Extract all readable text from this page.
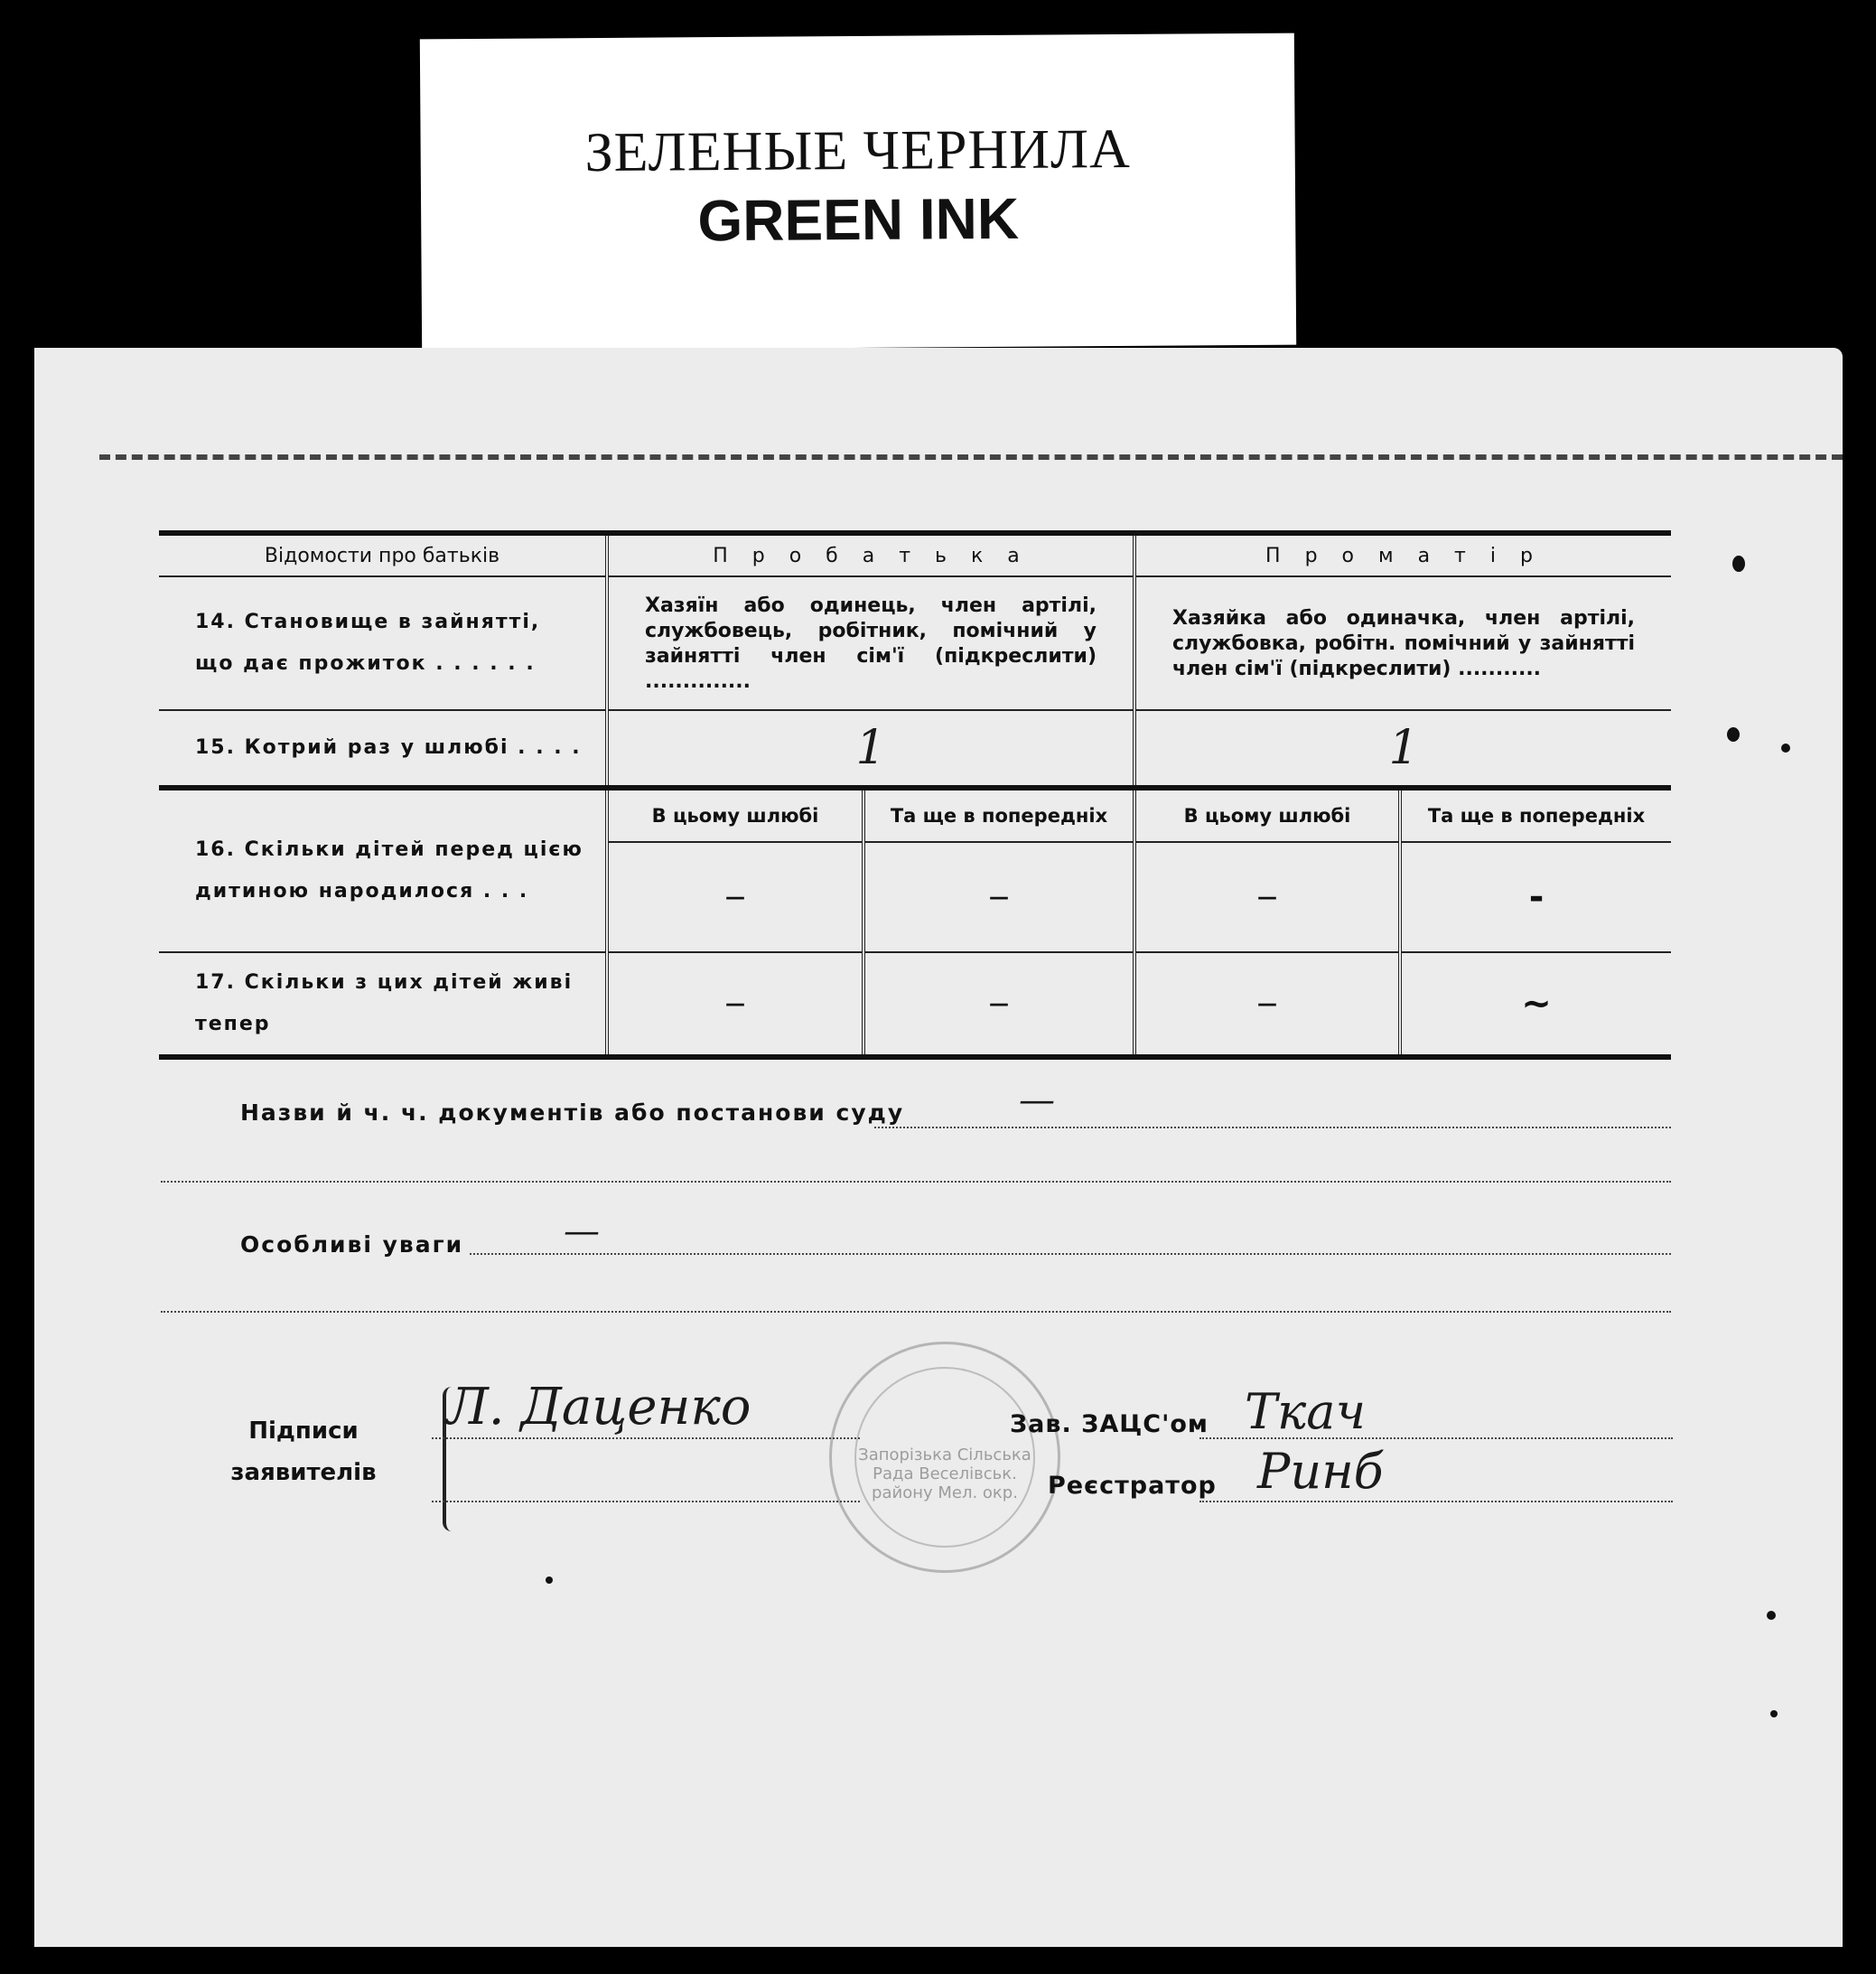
ЗЕЛЕНЫЕ ЧЕРНИЛА
GREEN INK
Відомости про батьків	П р о б а т ь к а		П р о м а т і р	
14. Становище в зайнятті, що дає прожиток . . . . . .	Хазяїн або одинець, член артілі, службовець, робітник, помічний у зайнятті член сім'ї (підкреслити) ..............		Хазяйка або одиначка, член артілі, службовка, робітн. помічний у зайнятті член сім'ї (підкреслити) ...........	
15. Котрий раз у шлюбі . . . .	1		1	
16. Скільки дітей перед цією дитиною народилося . . .	В цьому шлюбі	Та ще в попередніх	В цьому шлюбі	Та ще в попередніх
	—	—	—	-
17. Скільки з цих дітей живі тепер	—	—	—	~
Назви й ч. ч. документів або постанови суду	—
Особливі уваги	—
Запорізька Сільська Рада Веселівськ. району Мел. окр.
Підписи
заявителів
Л. Даценко	Зав. ЗАЦС'ом Ткач
Реєстратор Ринб
